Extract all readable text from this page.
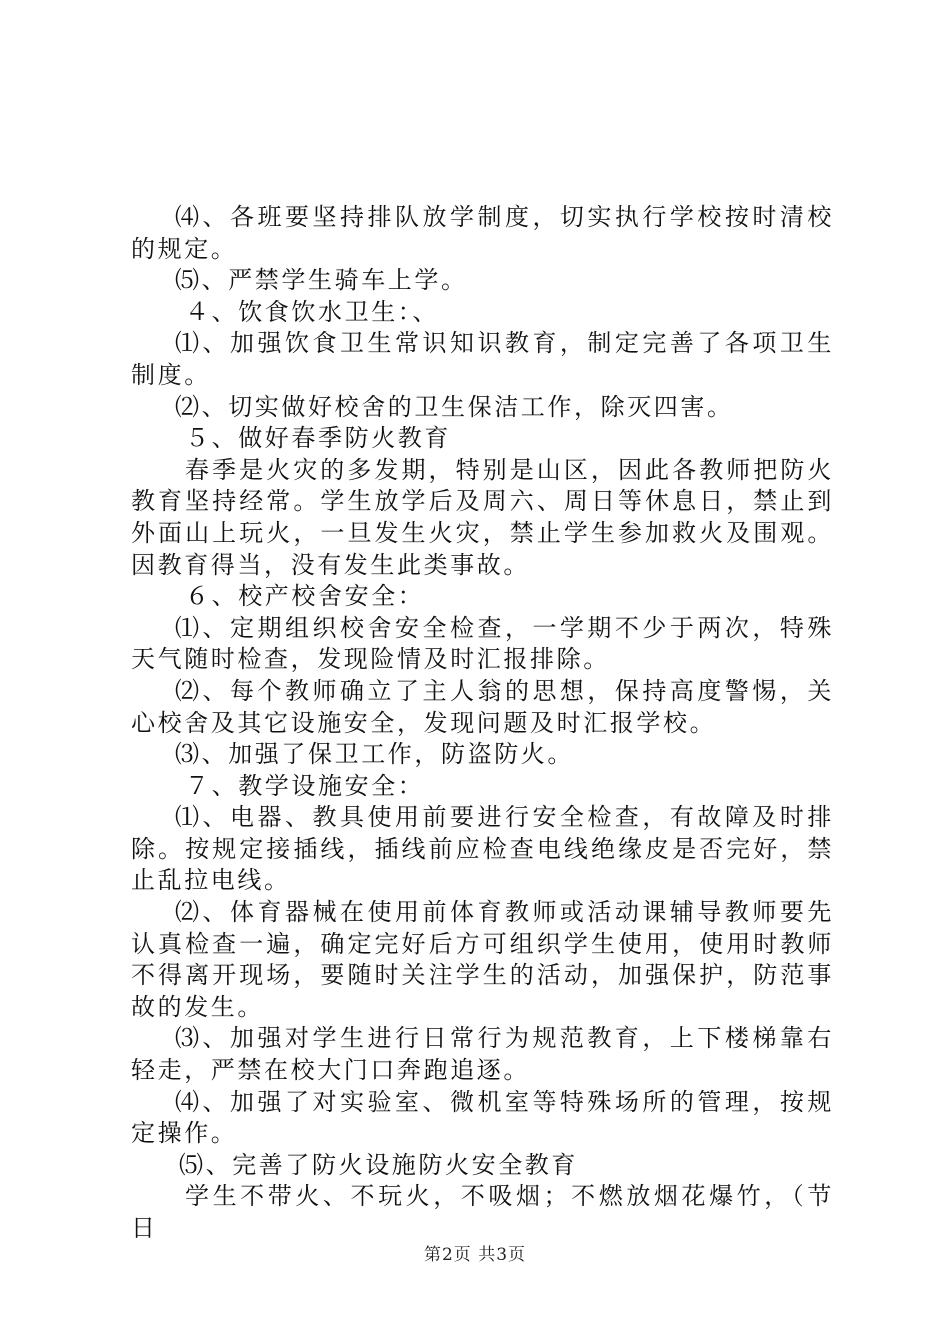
⑷、各班要坚持排队放学制度，切实执行学校按时清校的规定。

⑸、严禁学生骑车上学。

４、饮食饮水卫生：、

⑴、加强饮食卫生常识知识教育，制定完善了各项卫生制度。

⑵、切实做好校舍的卫生保洁工作，除灭四害。

５、做好春季防火教育

春季是火灾的多发期，特别是山区，因此各教师把防火教育坚持经常。学生放学后及周六、周日等休息日，禁止到外面山上玩火，一旦发生火灾，禁止学生参加救火及围观。因教育得当，没有发生此类事故。

６、校产校舍安全：

⑴、定期组织校舍安全检查，一学期不少于两次，特殊天气随时检查，发现险情及时汇报排除。

⑵、每个教师确立了主人翁的思想，保持高度警惕，关心校舍及其它设施安全，发现问题及时汇报学校。

⑶、加强了保卫工作，防盗防火。

７、教学设施安全：

⑴、电器、教具使用前要进行安全检查，有故障及时排除。按规定接插线，插线前应检查电线绝缘皮是否完好，禁止乱拉电线。

⑵、体育器械在使用前体育教师或活动课辅导教师要先认真检查一遍，确定完好后方可组织学生使用，使用时教师不得离开现场，要随时关注学生的活动，加强保护，防范事故的发生。

⑶、加强对学生进行日常行为规范教育，上下楼梯靠右轻走，严禁在校大门口奔跑追逐。

⑷、加强了对实验室、微机室等特殊场所的管理，按规定操作。

⑸、完善了防火设施防火安全教育

学生不带火、不玩火，不吸烟；不燃放烟花爆竹，（节日

第2页 共3页
